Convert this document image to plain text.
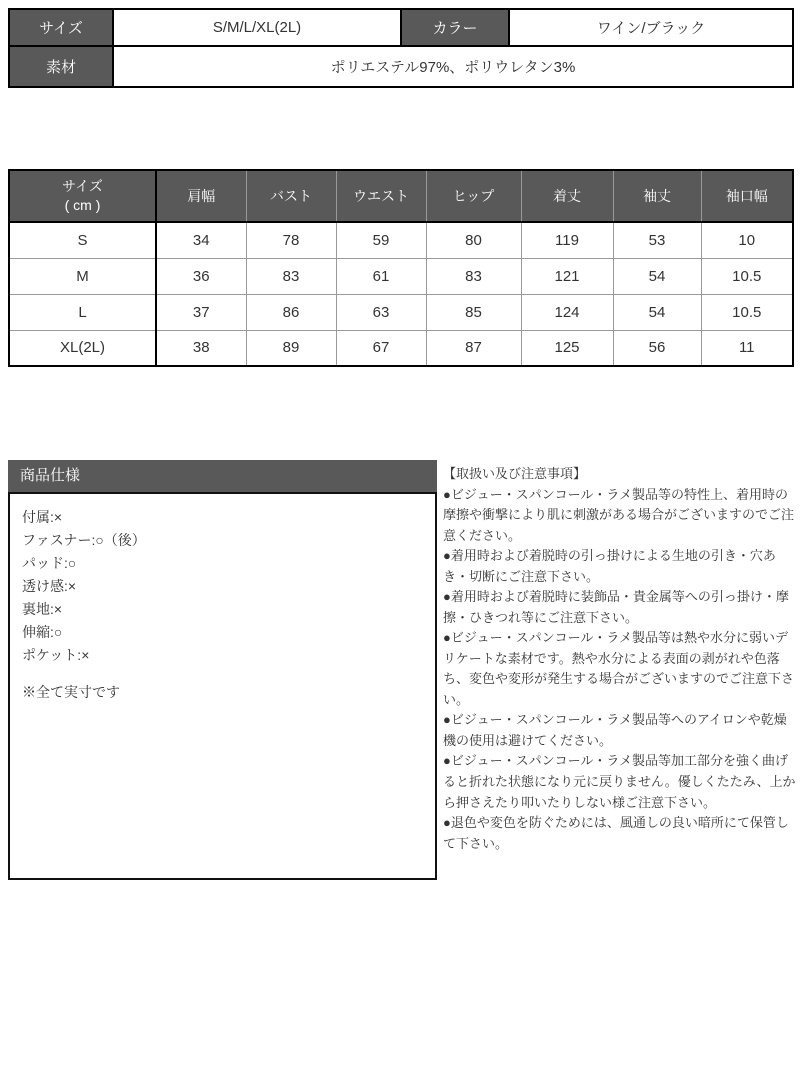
サイズ	S/M/L/XL(2L)	カラー	ワイン/ブラック
素材	ポリエステル97%、ポリウレタン3%		
サイズ
( cm )	肩幅	バスト	ウエスト	ヒップ	着丈	袖丈	袖口幅
S	34	78	59	80	119	53	10
M	36	83	61	83	121	54	10.5
L	37	86	63	85	124	54	10.5
XL(2L)	38	89	67	87	125	56	11
商品仕様
付属:×
ファスナー:○（後）
パッド:○
透け感:×
裏地:×
伸縮:○
ポケット:×
※全て実寸です

【取扱い及び注意事項】

●ビジュー・スパンコール・ラメ製品等の特性上、着用時の摩擦や衝撃により肌に刺激がある場合がございますのでご注意ください。

●着用時および着脱時の引っ掛けによる生地の引き・穴あき・切断にご注意下さい。

●着用時および着脱時に装飾品・貴金属等への引っ掛け・摩擦・ひきつれ等にご注意下さい。

●ビジュー・スパンコール・ラメ製品等は熱や水分に弱いデリケートな素材です。熱や水分による表面の剥がれや色落ち、変色や変形が発生する場合がございますのでご注意下さい。

●ビジュー・スパンコール・ラメ製品等へのアイロンや乾燥機の使用は避けてください。

●ビジュー・スパンコール・ラメ製品等加工部分を強く曲げると折れた状態になり元に戻りません。優しくたたみ、上から押さえたり叩いたりしない様ご注意下さい。

●退色や変色を防ぐためには、風通しの良い暗所にて保管して下さい。
